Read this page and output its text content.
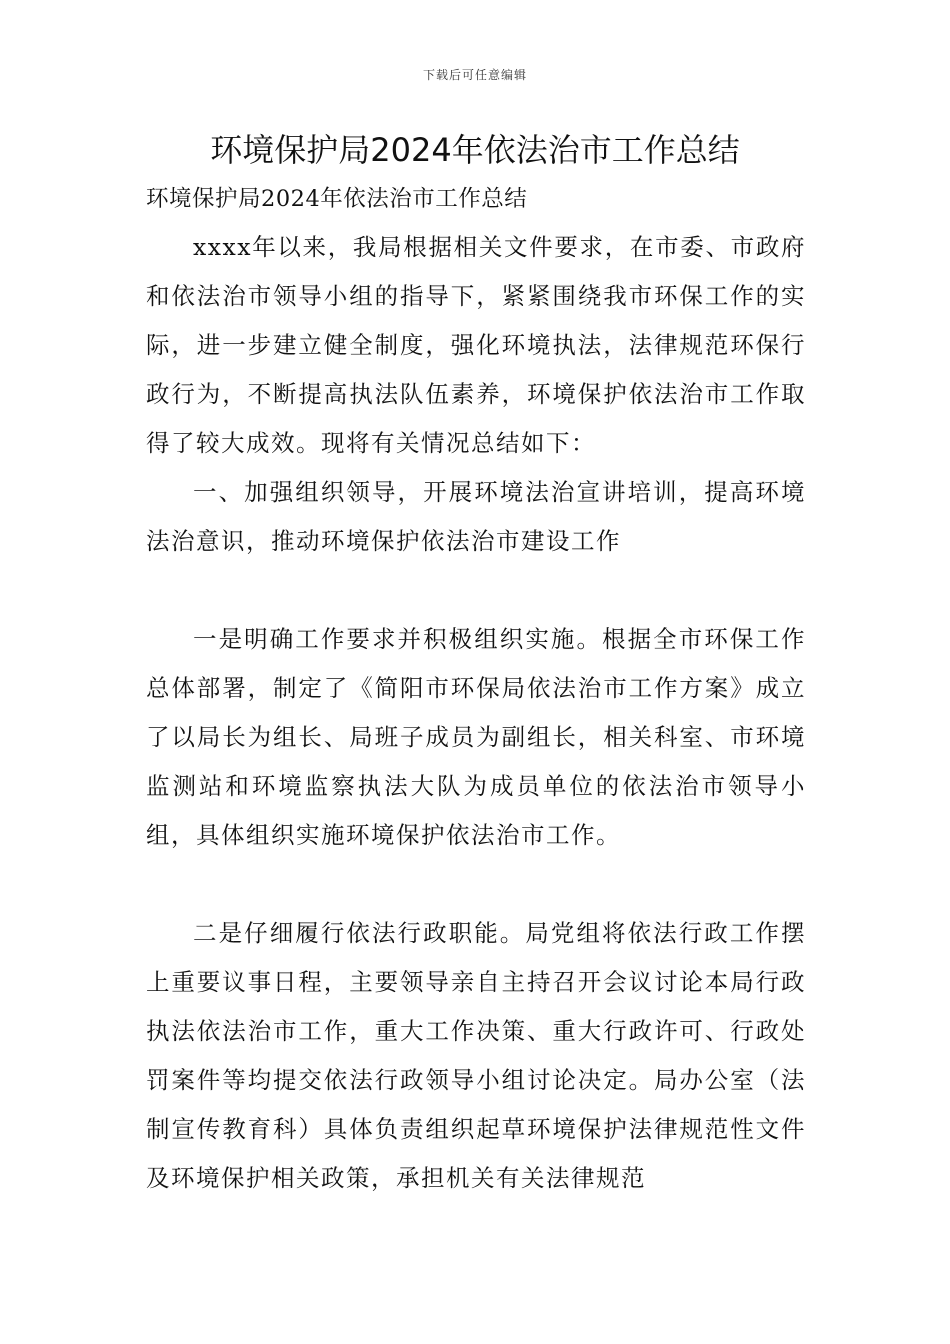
下载后可任意编辑
环境保护局2024年依法治市工作总结

环境保护局2024年依法治市工作总结

xxxx年以来，我局根据相关文件要求，在市委、市政府和依法治市领导小组的指导下，紧紧围绕我市环保工作的实际，进一步建立健全制度，强化环境执法，法律规范环保行政行为，不断提高执法队伍素养，环境保护依法治市工作取得了较大成效。现将有关情况总结如下：

一、加强组织领导，开展环境法治宣讲培训，提高环境法治意识，推动环境保护依法治市建设工作

一是明确工作要求并积极组织实施。根据全市环保工作总体部署，制定了《简阳市环保局依法治市工作方案》成立了以局长为组长、局班子成员为副组长，相关科室、市环境监测站和环境监察执法大队为成员单位的依法治市领导小组，具体组织实施环境保护依法治市工作。

二是仔细履行依法行政职能。局党组将依法行政工作摆上重要议事日程，主要领导亲自主持召开会议讨论本局行政执法依法治市工作，重大工作决策、重大行政许可、行政处罚案件等均提交依法行政领导小组讨论决定。局办公室（法制宣传教育科）具体负责组织起草环境保护法律规范性文件及环境保护相关政策，承担机关有关法律规范
